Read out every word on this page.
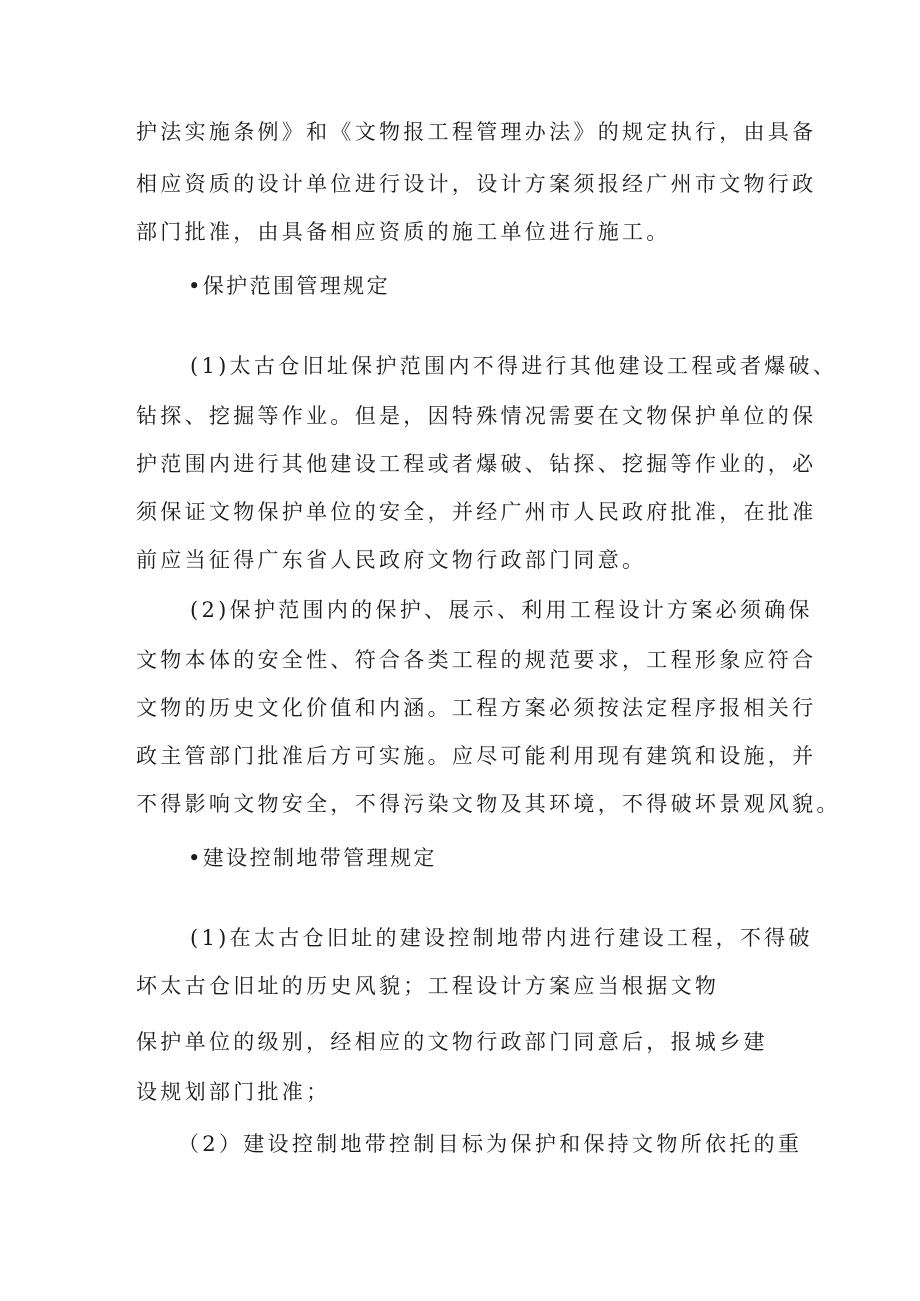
护法实施条例》和《文物报工程管理办法》的规定执行，由具备
相应资质的设计单位进行设计，设计方案须报经广州市文物行政
部门批准，由具备相应资质的施工单位进行施工。
•保护范围管理规定
(1)太古仓旧址保护范围内不得进行其他建设工程或者爆破、
钻探、挖掘等作业。但是，因特殊情况需要在文物保护单位的保
护范围内进行其他建设工程或者爆破、钻探、挖掘等作业的，必
须保证文物保护单位的安全，并经广州市人民政府批准，在批准
前应当征得广东省人民政府文物行政部门同意。
(2)保护范围内的保护、展示、利用工程设计方案必须确保
文物本体的安全性、符合各类工程的规范要求，工程形象应符合
文物的历史文化价值和内涵。工程方案必须按法定程序报相关行
政主管部门批准后方可实施。应尽可能利用现有建筑和设施，并
不得影响文物安全，不得污染文物及其环境，不得破坏景观风貌。
•建设控制地带管理规定
(1)在太古仓旧址的建设控制地带内进行建设工程，不得破
坏太古仓旧址的历史风貌；工程设计方案应当根据文物
保护单位的级别，经相应的文物行政部门同意后，报城乡建
设规划部门批准；
（2）建设控制地带控制目标为保护和保持文物所依托的重
